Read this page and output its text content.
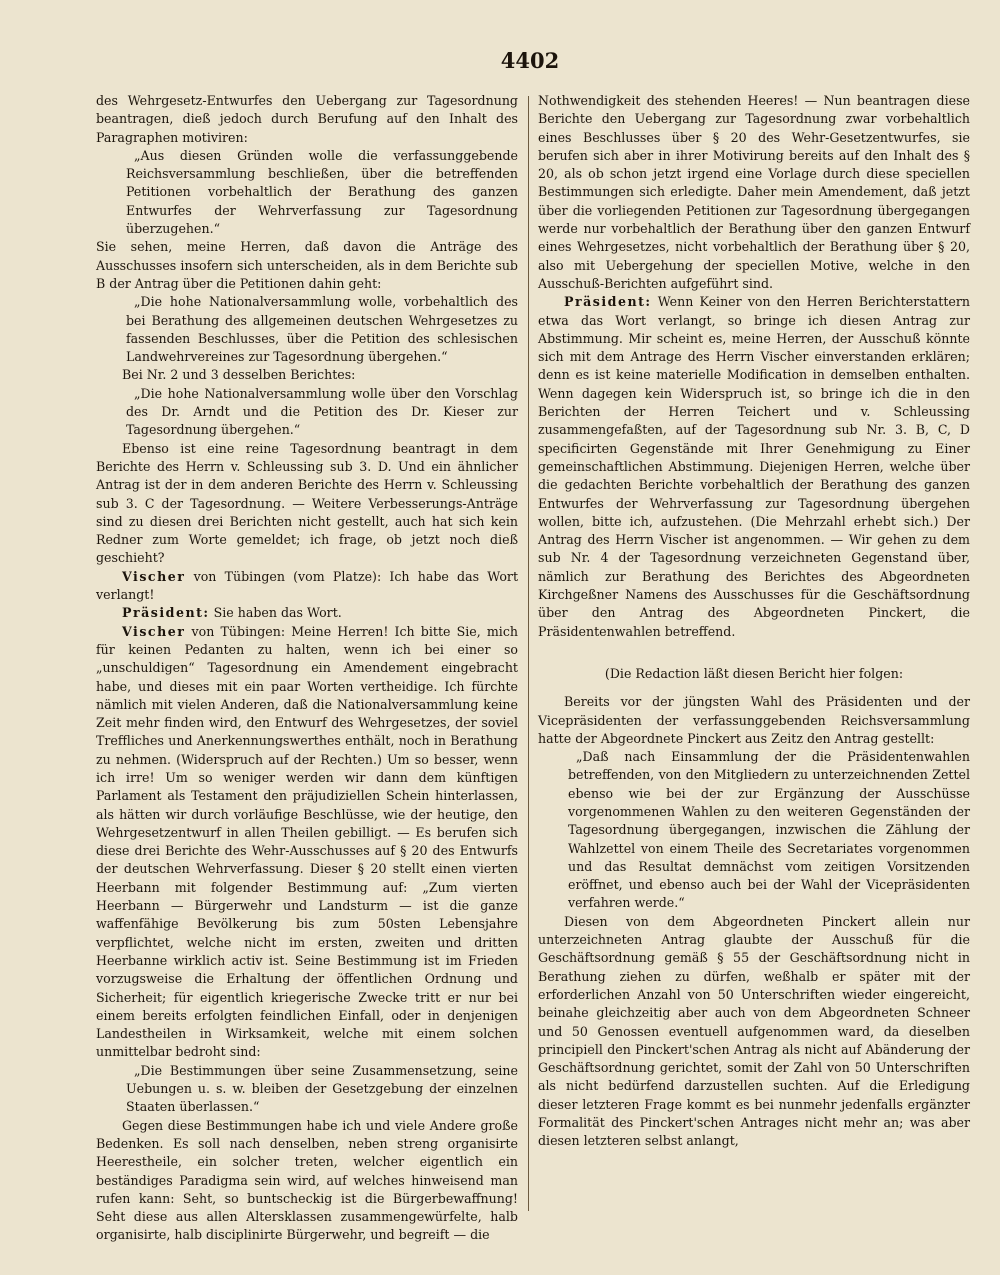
4402

des Wehrgesetz-Entwurfes den Uebergang zur Tagesordnung beantragen, dieß jedoch durch Berufung auf den Inhalt des Paragraphen motiviren:

„Aus diesen Gründen wolle die verfassunggebende Reichsversammlung beschließen, über die betreffenden Petitionen vorbehaltlich der Berathung des ganzen Entwurfes der Wehrverfassung zur Tagesordnung überzugehen.“

Sie sehen, meine Herren, daß davon die Anträge des Ausschusses insofern sich unterscheiden, als in dem Berichte sub B der Antrag über die Petitionen dahin geht:

„Die hohe Nationalversammlung wolle, vorbehaltlich des bei Berathung des allgemeinen deutschen Wehrgesetzes zu fassenden Beschlusses, über die Petition des schlesischen Landwehrvereines zur Tagesordnung übergehen.“

Bei Nr. 2 und 3 desselben Berichtes:

„Die hohe Nationalversammlung wolle über den Vorschlag des Dr. Arndt und die Petition des Dr. Kieser zur Tagesordnung übergehen.“

Ebenso ist eine reine Tagesordnung beantragt in dem Berichte des Herrn v. Schleussing sub 3. D. Und ein ähnlicher Antrag ist der in dem anderen Berichte des Herrn v. Schleussing sub 3. C der Tagesordnung. — Weitere Verbesserungs-Anträge sind zu diesen drei Berichten nicht gestellt, auch hat sich kein Redner zum Worte gemeldet; ich frage, ob jetzt noch dieß geschieht?

Vischer von Tübingen (vom Platze): Ich habe das Wort verlangt!

Präsident: Sie haben das Wort.

Vischer von Tübingen: Meine Herren! Ich bitte Sie, mich für keinen Pedanten zu halten, wenn ich bei einer so „unschuldigen“ Tagesordnung ein Amendement eingebracht habe, und dieses mit ein paar Worten vertheidige. Ich fürchte nämlich mit vielen Anderen, daß die Nationalversammlung keine Zeit mehr finden wird, den Entwurf des Wehrgesetzes, der soviel Treffliches und Anerkennungswerthes enthält, noch in Berathung zu nehmen. (Widerspruch auf der Rechten.) Um so besser, wenn ich irre! Um so weniger werden wir dann dem künftigen Parlament als Testament den präjudiziellen Schein hinterlassen, als hätten wir durch vorläufige Beschlüsse, wie der heutige, den Wehrgesetzentwurf in allen Theilen gebilligt. — Es berufen sich diese drei Berichte des Wehr-Ausschusses auf § 20 des Entwurfs der deutschen Wehrverfassung. Dieser § 20 stellt einen vierten Heerbann mit folgender Bestimmung auf: „Zum vierten Heerbann — Bürgerwehr und Landsturm — ist die ganze waffenfähige Bevölkerung bis zum 50sten Lebensjahre verpflichtet, welche nicht im ersten, zweiten und dritten Heerbanne wirklich activ ist. Seine Bestimmung ist im Frieden vorzugsweise die Erhaltung der öffentlichen Ordnung und Sicherheit; für eigentlich kriegerische Zwecke tritt er nur bei einem bereits erfolgten feindlichen Einfall, oder in denjenigen Landestheilen in Wirksamkeit, welche mit einem solchen unmittelbar bedroht sind:

„Die Bestimmungen über seine Zusammensetzung, seine Uebungen u. s. w. bleiben der Gesetzgebung der einzelnen Staaten überlassen.“

Gegen diese Bestimmungen habe ich und viele Andere große Bedenken. Es soll nach denselben, neben streng organisirte Heerestheile, ein solcher treten, welcher eigentlich ein beständiges Paradigma sein wird, auf welches hinweisend man rufen kann: Seht, so buntscheckig ist die Bürgerbewaffnung! Seht diese aus allen Altersklassen zusammengewürfelte, halb organisirte, halb disciplinirte Bürgerwehr, und begreift — die

Nothwendigkeit des stehenden Heeres! — Nun beantragen diese Berichte den Uebergang zur Tagesordnung zwar vorbehaltlich eines Beschlusses über § 20 des Wehr-Gesetzentwurfes, sie berufen sich aber in ihrer Motivirung bereits auf den Inhalt des § 20, als ob schon jetzt irgend eine Vorlage durch diese speciellen Bestimmungen sich erledigte. Daher mein Amendement, daß jetzt über die vorliegenden Petitionen zur Tagesordnung übergegangen werde nur vorbehaltlich der Berathung über den ganzen Entwurf eines Wehrgesetzes, nicht vorbehaltlich der Berathung über § 20, also mit Uebergehung der speciellen Motive, welche in den Ausschuß-Berichten aufgeführt sind.

Präsident: Wenn Keiner von den Herren Berichterstattern etwa das Wort verlangt, so bringe ich diesen Antrag zur Abstimmung. Mir scheint es, meine Herren, der Ausschuß könnte sich mit dem Antrage des Herrn Vischer einverstanden erklären; denn es ist keine materielle Modification in demselben enthalten. Wenn dagegen kein Widerspruch ist, so bringe ich die in den Berichten der Herren Teichert und v. Schleussing zusammengefaßten, auf der Tagesordnung sub Nr. 3. B, C, D specificirten Gegenstände mit Ihrer Genehmigung zu Einer gemeinschaftlichen Abstimmung. Diejenigen Herren, welche über die gedachten Berichte vorbehaltlich der Berathung des ganzen Entwurfes der Wehrverfassung zur Tagesordnung übergehen wollen, bitte ich, aufzustehen. (Die Mehrzahl erhebt sich.) Der Antrag des Herrn Vischer ist angenommen. — Wir gehen zu dem sub Nr. 4 der Tagesordnung verzeichneten Gegenstand über, nämlich zur Berathung des Berichtes des Abgeordneten Kirchgeßner Namens des Ausschusses für die Geschäftsordnung über den Antrag des Abgeordneten Pinckert, die Präsidentenwahlen betreffend.

(Die Redaction läßt diesen Bericht hier folgen:

Bereits vor der jüngsten Wahl des Präsidenten und der Vicepräsidenten der verfassunggebenden Reichsversammlung hatte der Abgeordnete Pinckert aus Zeitz den Antrag gestellt:

„Daß nach Einsammlung der die Präsidentenwahlen betreffenden, von den Mitgliedern zu unterzeichnenden Zettel ebenso wie bei der zur Ergänzung der Ausschüsse vorgenommenen Wahlen zu den weiteren Gegenständen der Tagesordnung übergegangen, inzwischen die Zählung der Wahlzettel von einem Theile des Secretariates vorgenommen und das Resultat demnächst vom zeitigen Vorsitzenden eröffnet, und ebenso auch bei der Wahl der Vicepräsidenten verfahren werde.“

Diesen von dem Abgeordneten Pinckert allein nur unterzeichneten Antrag glaubte der Ausschuß für die Geschäftsordnung gemäß § 55 der Geschäftsordnung nicht in Berathung ziehen zu dürfen, weßhalb er später mit der erforderlichen Anzahl von 50 Unterschriften wieder eingereicht, beinahe gleichzeitig aber auch von dem Abgeordneten Schneer und 50 Genossen eventuell aufgenommen ward, da dieselben principiell den Pinckert'schen Antrag als nicht auf Abänderung der Geschäftsordnung gerichtet, somit der Zahl von 50 Unterschriften als nicht bedürfend darzustellen suchten. Auf die Erledigung dieser letzteren Frage kommt es bei nunmehr jedenfalls ergänzter Formalität des Pinckert'schen Antrages nicht mehr an; was aber diesen letzteren selbst anlangt,
